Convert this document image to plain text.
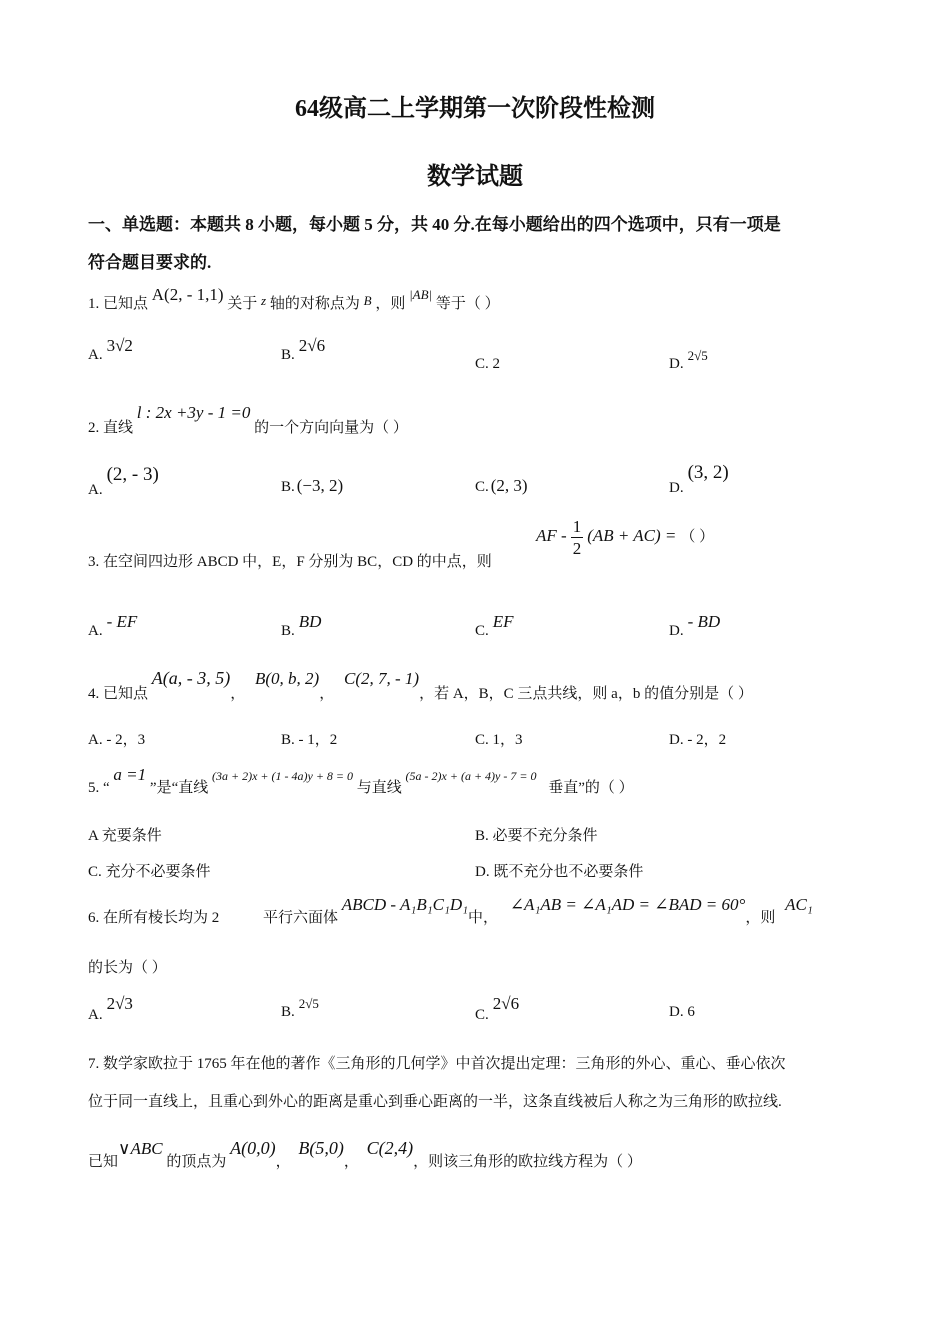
64级高二上学期第一次阶段性检测
数学试题
一、单选题：本题共 8 小题，每小题 5 分，共 40 分.在每小题给出的四个选项中，只有一项是
符合题目要求的.
1. 已知点 A(2, - 1,1) 关于 z 轴的对称点为 B ，则 |AB| 等于（ ）
A. 3√2	B. 2√6
C. 2	D.2√5
2. 直线 l : 2x +3y - 1 =0 的一个方向向量为（ ）
A.(2, - 3)
B. (−3, 2)	C. (2, 3)	D.(3, 2)
3. 在空间四边形 ABCD 中，E，F 分别为 BC，CD 的中点，则
AF - $\frac{1}{2} (AB + AC)$ = （ ）
A. - EF	B. BD	C. EF	D. - BD
4. 已知点 A(a, - 3, 5)， B(0, b, 2)， C(2, 7, - 1)，若 A，B，C 三点共线，则 a，b 的值分别是（ ）
A. - 2，3	B. - 1，2	C. 1，3	D. - 2，2
5. “ a =1 ”是“直线 (3a + 2)x + (1 - 4a)y + 8 = 0 与直线 (5a - 2)x + (a + 4)y - 7 = 0 垂直”的（ ）
A 充要条件	B. 必要不充分条件
C. 充分不必要条件	D. 既不充分也不必要条件
6. 在所有棱长均为 2	平行六面体 ABCD - A₁B₁C₁D₁中， ∠A₁AB = ∠A₁AD = ∠BAD = 60°，则 AC₁
的长为（ ）
A.2√3	B.2√5
C.2√6	D. 6
7. 数学家欧拉于 1765 年在他的著作《三角形的几何学》中首次提出定理：三角形的外心、重心、垂心依次
位于同一直线上，且重心到外心的距离是重心到垂心距离的一半，这条直线被后人称之为三角形的欧拉线.
已知∨ABC 的顶点为 A(0,0)， B(5,0)， C(2,4)，则该三角形的欧拉线方程为（ ）
